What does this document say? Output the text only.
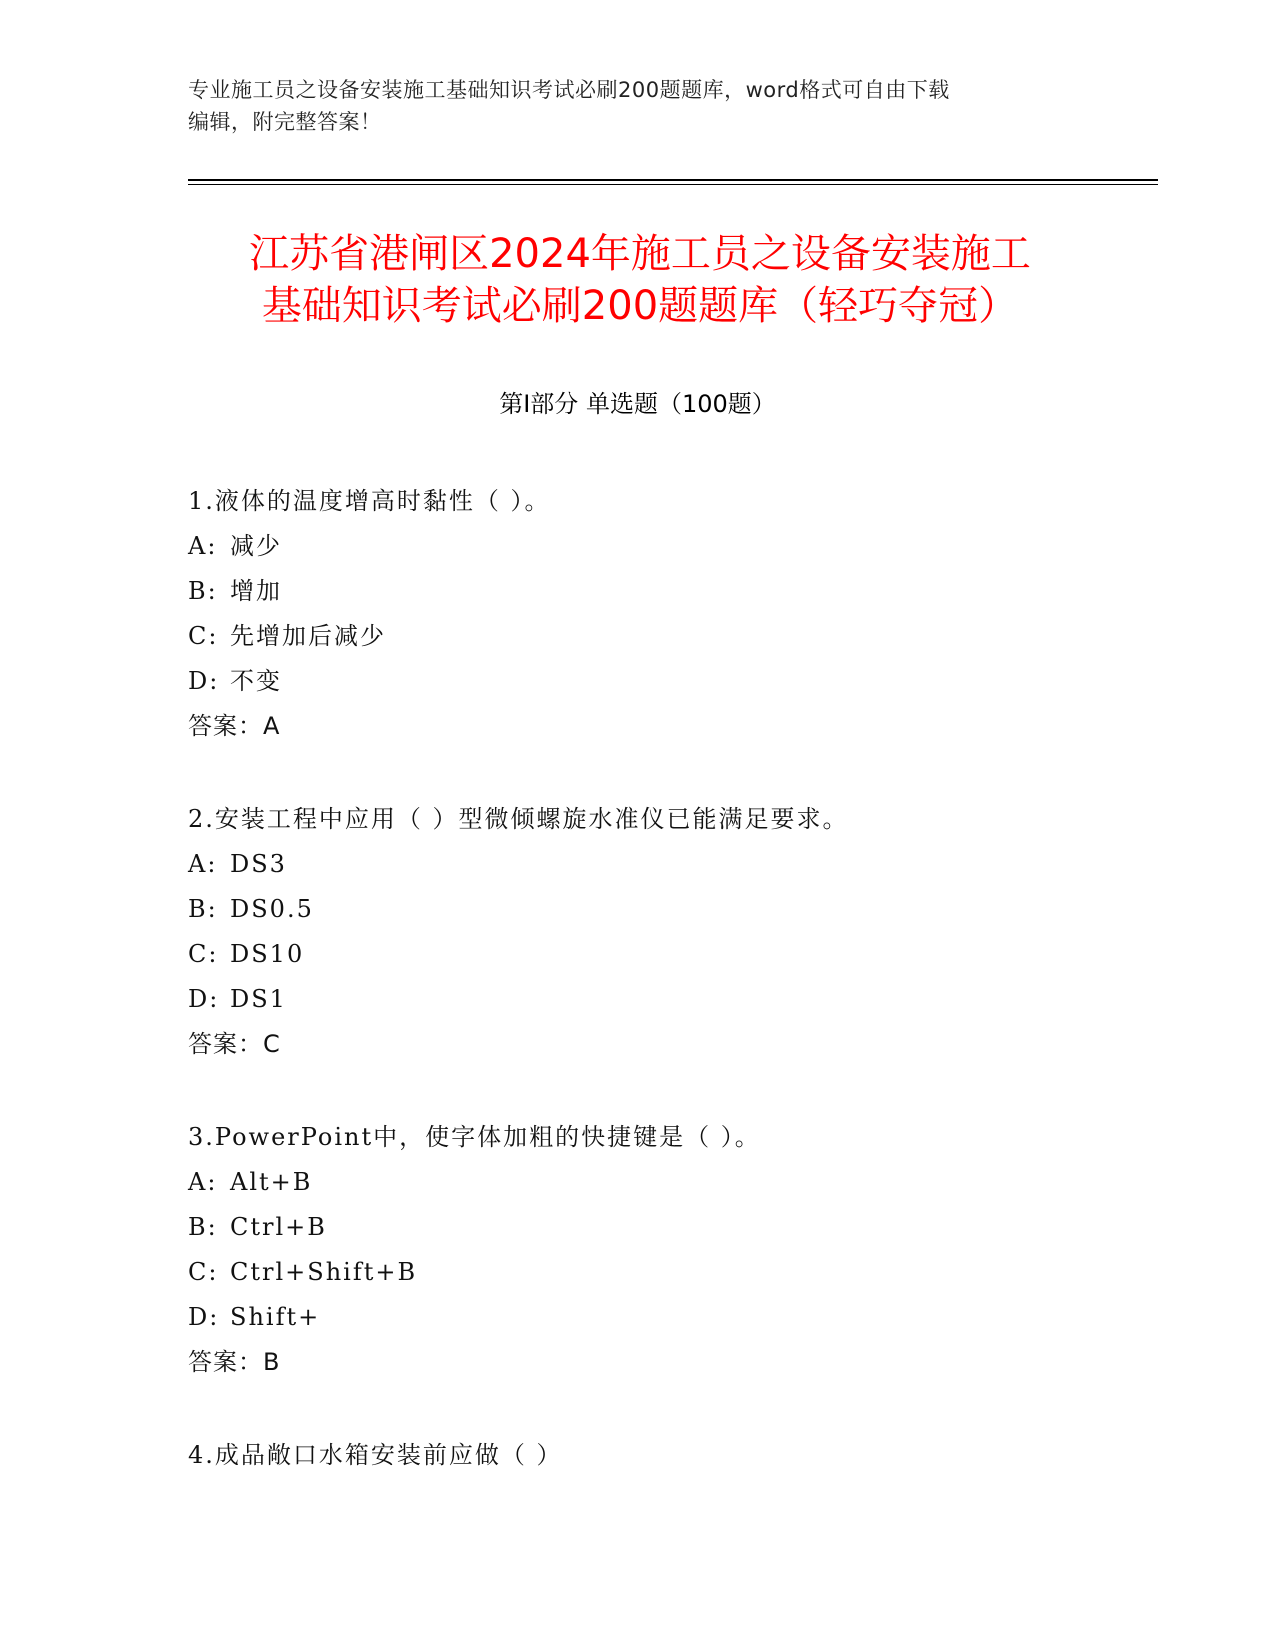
专业施工员之设备安装施工基础知识考试必刷200题题库，word格式可自由下载
编辑，附完整答案！
江苏省港闸区2024年施工员之设备安装施工
基础知识考试必刷200题题库（轻巧夺冠）
第Ⅰ部分 单选题（100题）
1.液体的温度增高时黏性（ ）。
A: 减少
B: 增加
C: 先增加后减少
D: 不变
答案：A
2.安装工程中应用（ ）型微倾螺旋水准仪已能满足要求。
A: DS3
B: DS0.5
C: DS10
D: DS1
答案：C
3.PowerPoint中，使字体加粗的快捷键是（ ）。
A: Alt+B
B: Ctrl+B
C: Ctrl+Shift+B
D: Shift+
答案：B
4.成品敞口水箱安装前应做（ ）
